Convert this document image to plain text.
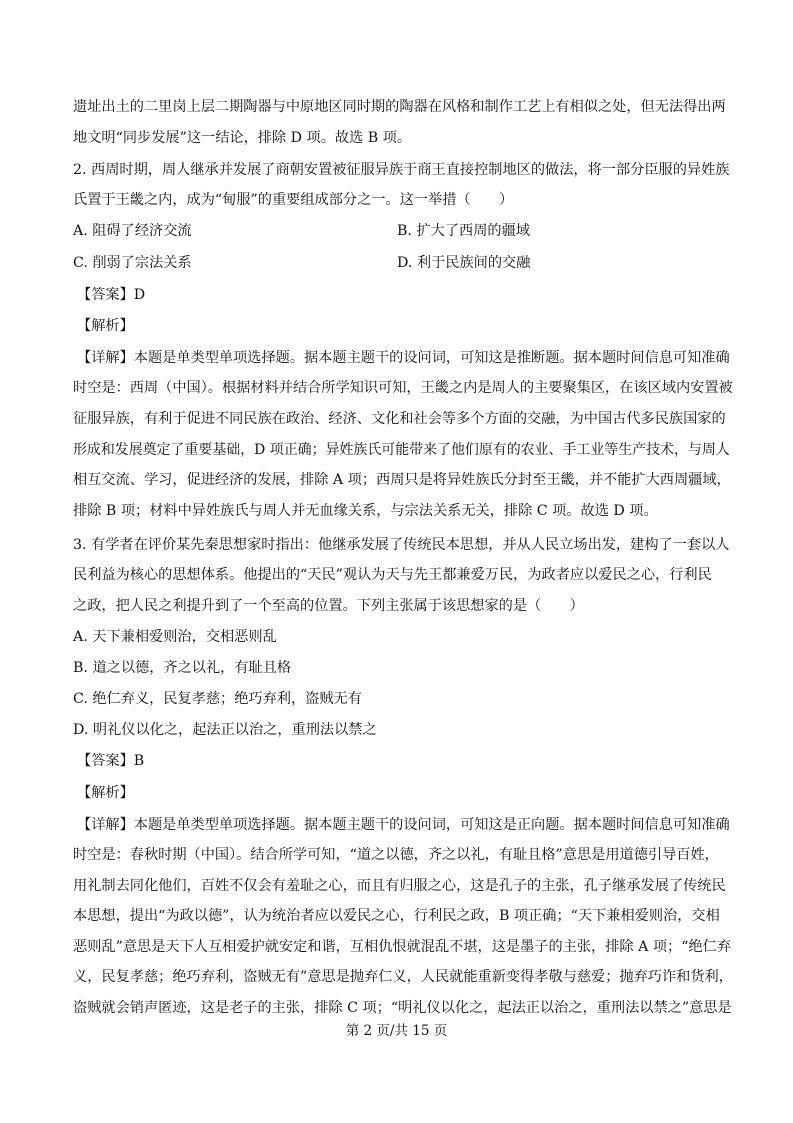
遗址出土的二里岗上层二期陶器与中原地区同时期的陶器在风格和制作工艺上有相似之处，但无法得出两
地文明“同步发展”这一结论，排除 D 项。故选 B 项。
2. 西周时期，周人继承并发展了商朝安置被征服异族于商王直接控制地区的做法，将一部分臣服的异姓族
氏置于王畿之内，成为“甸服”的重要组成部分之一。这一举措（　　）
A. 阻碍了经济交流	B. 扩大了西周的疆域
C. 削弱了宗法关系	D. 利于民族间的交融
【答案】D
【解析】
【详解】本题是单类型单项选择题。据本题主题干的设问词，可知这是推断题。据本题时间信息可知准确
时空是：西周（中国）。根据材料并结合所学知识可知，王畿之内是周人的主要聚集区，在该区域内安置被
征服异族，有利于促进不同民族在政治、经济、文化和社会等多个方面的交融，为中国古代多民族国家的
形成和发展奠定了重要基础，D 项正确；异姓族氏可能带来了他们原有的农业、手工业等生产技术，与周人
相互交流、学习，促进经济的发展，排除 A 项；西周只是将异姓族氏分封至王畿，并不能扩大西周疆域，
排除 B 项；材料中异姓族氏与周人并无血缘关系，与宗法关系无关，排除 C 项。故选 D 项。
3. 有学者在评价某先秦思想家时指出：他继承发展了传统民本思想，并从人民立场出发，建构了一套以人
民利益为核心的思想体系。他提出的“天民”观认为天与先王都兼爱万民，为政者应以爱民之心，行利民
之政，把人民之利提升到了一个至高的位置。下列主张属于该思想家的是（　　）
A. 天下兼相爱则治，交相恶则乱
B. 道之以德，齐之以礼，有耻且格
C. 绝仁弃义，民复孝慈；绝巧弃利，盗贼无有
D. 明礼仪以化之，起法正以治之，重刑法以禁之
【答案】B
【解析】
【详解】本题是单类型单项选择题。据本题主题干的设问词，可知这是正向题。据本题时间信息可知准确
时空是：春秋时期（中国）。结合所学可知，“道之以德，齐之以礼，有耻且格”意思是用道德引导百姓，
用礼制去同化他们，百姓不仅会有羞耻之心，而且有归服之心，这是孔子的主张，孔子继承发展了传统民
本思想，提出“为政以德”，认为统治者应以爱民之心，行利民之政，B 项正确；“天下兼相爱则治，交相
恶则乱”意思是天下人互相爱护就安定和谐，互相仇恨就混乱不堪，这是墨子的主张，排除 A 项；“绝仁弃
义，民复孝慈；绝巧弃利，盗贼无有”意思是抛弃仁义，人民就能重新变得孝敬与慈爱；抛弃巧诈和货利，
盗贼就会销声匿迹，这是老子的主张，排除 C 项；“明礼仪以化之，起法正以治之，重刑法以禁之”意思是
第 2 页/共 15 页
